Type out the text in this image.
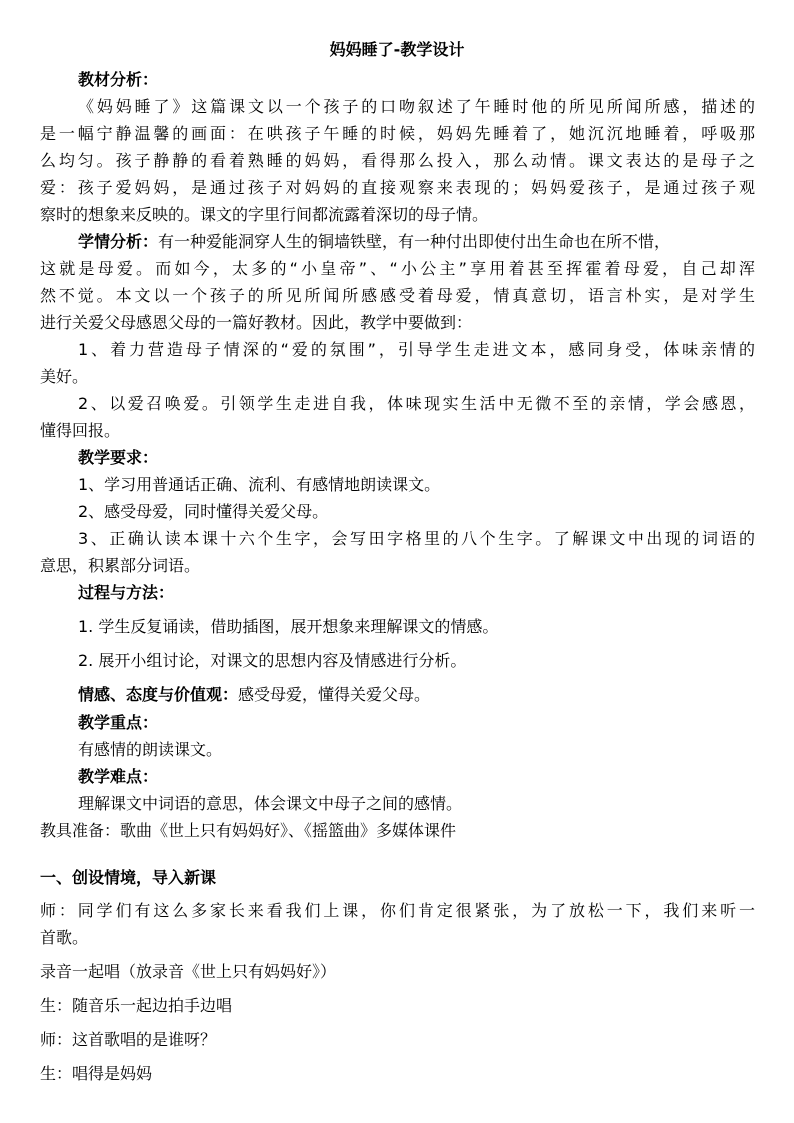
妈妈睡了-教学设计
教材分析：
《妈妈睡了》这篇课文以一个孩子的口吻叙述了午睡时他的所见所闻所感，描述的
是一幅宁静温馨的画面：在哄孩子午睡的时候，妈妈先睡着了，她沉沉地睡着，呼吸那
么均匀。孩子静静的看着熟睡的妈妈，看得那么投入，那么动情。课文表达的是母子之
爱：孩子爱妈妈，是通过孩子对妈妈的直接观察来表现的；妈妈爱孩子，是通过孩子观
察时的想象来反映的。课文的字里行间都流露着深切的母子情。
学情分析：有一种爱能洞穿人生的铜墙铁壁，有一种付出即使付出生命也在所不惜，
这就是母爱。而如今，太多的“小皇帝”、“小公主”享用着甚至挥霍着母爱，自己却浑
然不觉。本文以一个孩子的所见所闻所感感受着母爱，情真意切，语言朴实，是对学生
进行关爱父母感恩父母的一篇好教材。因此，教学中要做到：
1、着力营造母子情深的“爱的氛围”，引导学生走进文本，感同身受，体味亲情的
美好。
2、以爱召唤爱。引领学生走进自我，体味现实生活中无微不至的亲情，学会感恩，
懂得回报。
教学要求：
1、学习用普通话正确、流利、有感情地朗读课文。
2、感受母爱，同时懂得关爱父母。
3、正确认读本课十六个生字，会写田字格里的八个生字。了解课文中出现的词语的
意思，积累部分词语。
过程与方法：
1. 学生反复诵读，借助插图，展开想象来理解课文的情感。
2. 展开小组讨论，对课文的思想内容及情感进行分析。
情感、态度与价值观：感受母爱，懂得关爱父母。
教学重点：
有感情的朗读课文。
教学难点：
理解课文中词语的意思，体会课文中母子之间的感情。
教具准备：歌曲《世上只有妈妈好》、《摇篮曲》多媒体课件
一、创设情境，导入新课
师：同学们有这么多家长来看我们上课，你们肯定很紧张，为了放松一下，我们来听一
首歌。
录音一起唱（放录音《世上只有妈妈好》）
生：随音乐一起边拍手边唱
师：这首歌唱的是谁呀？
生：唱得是妈妈
